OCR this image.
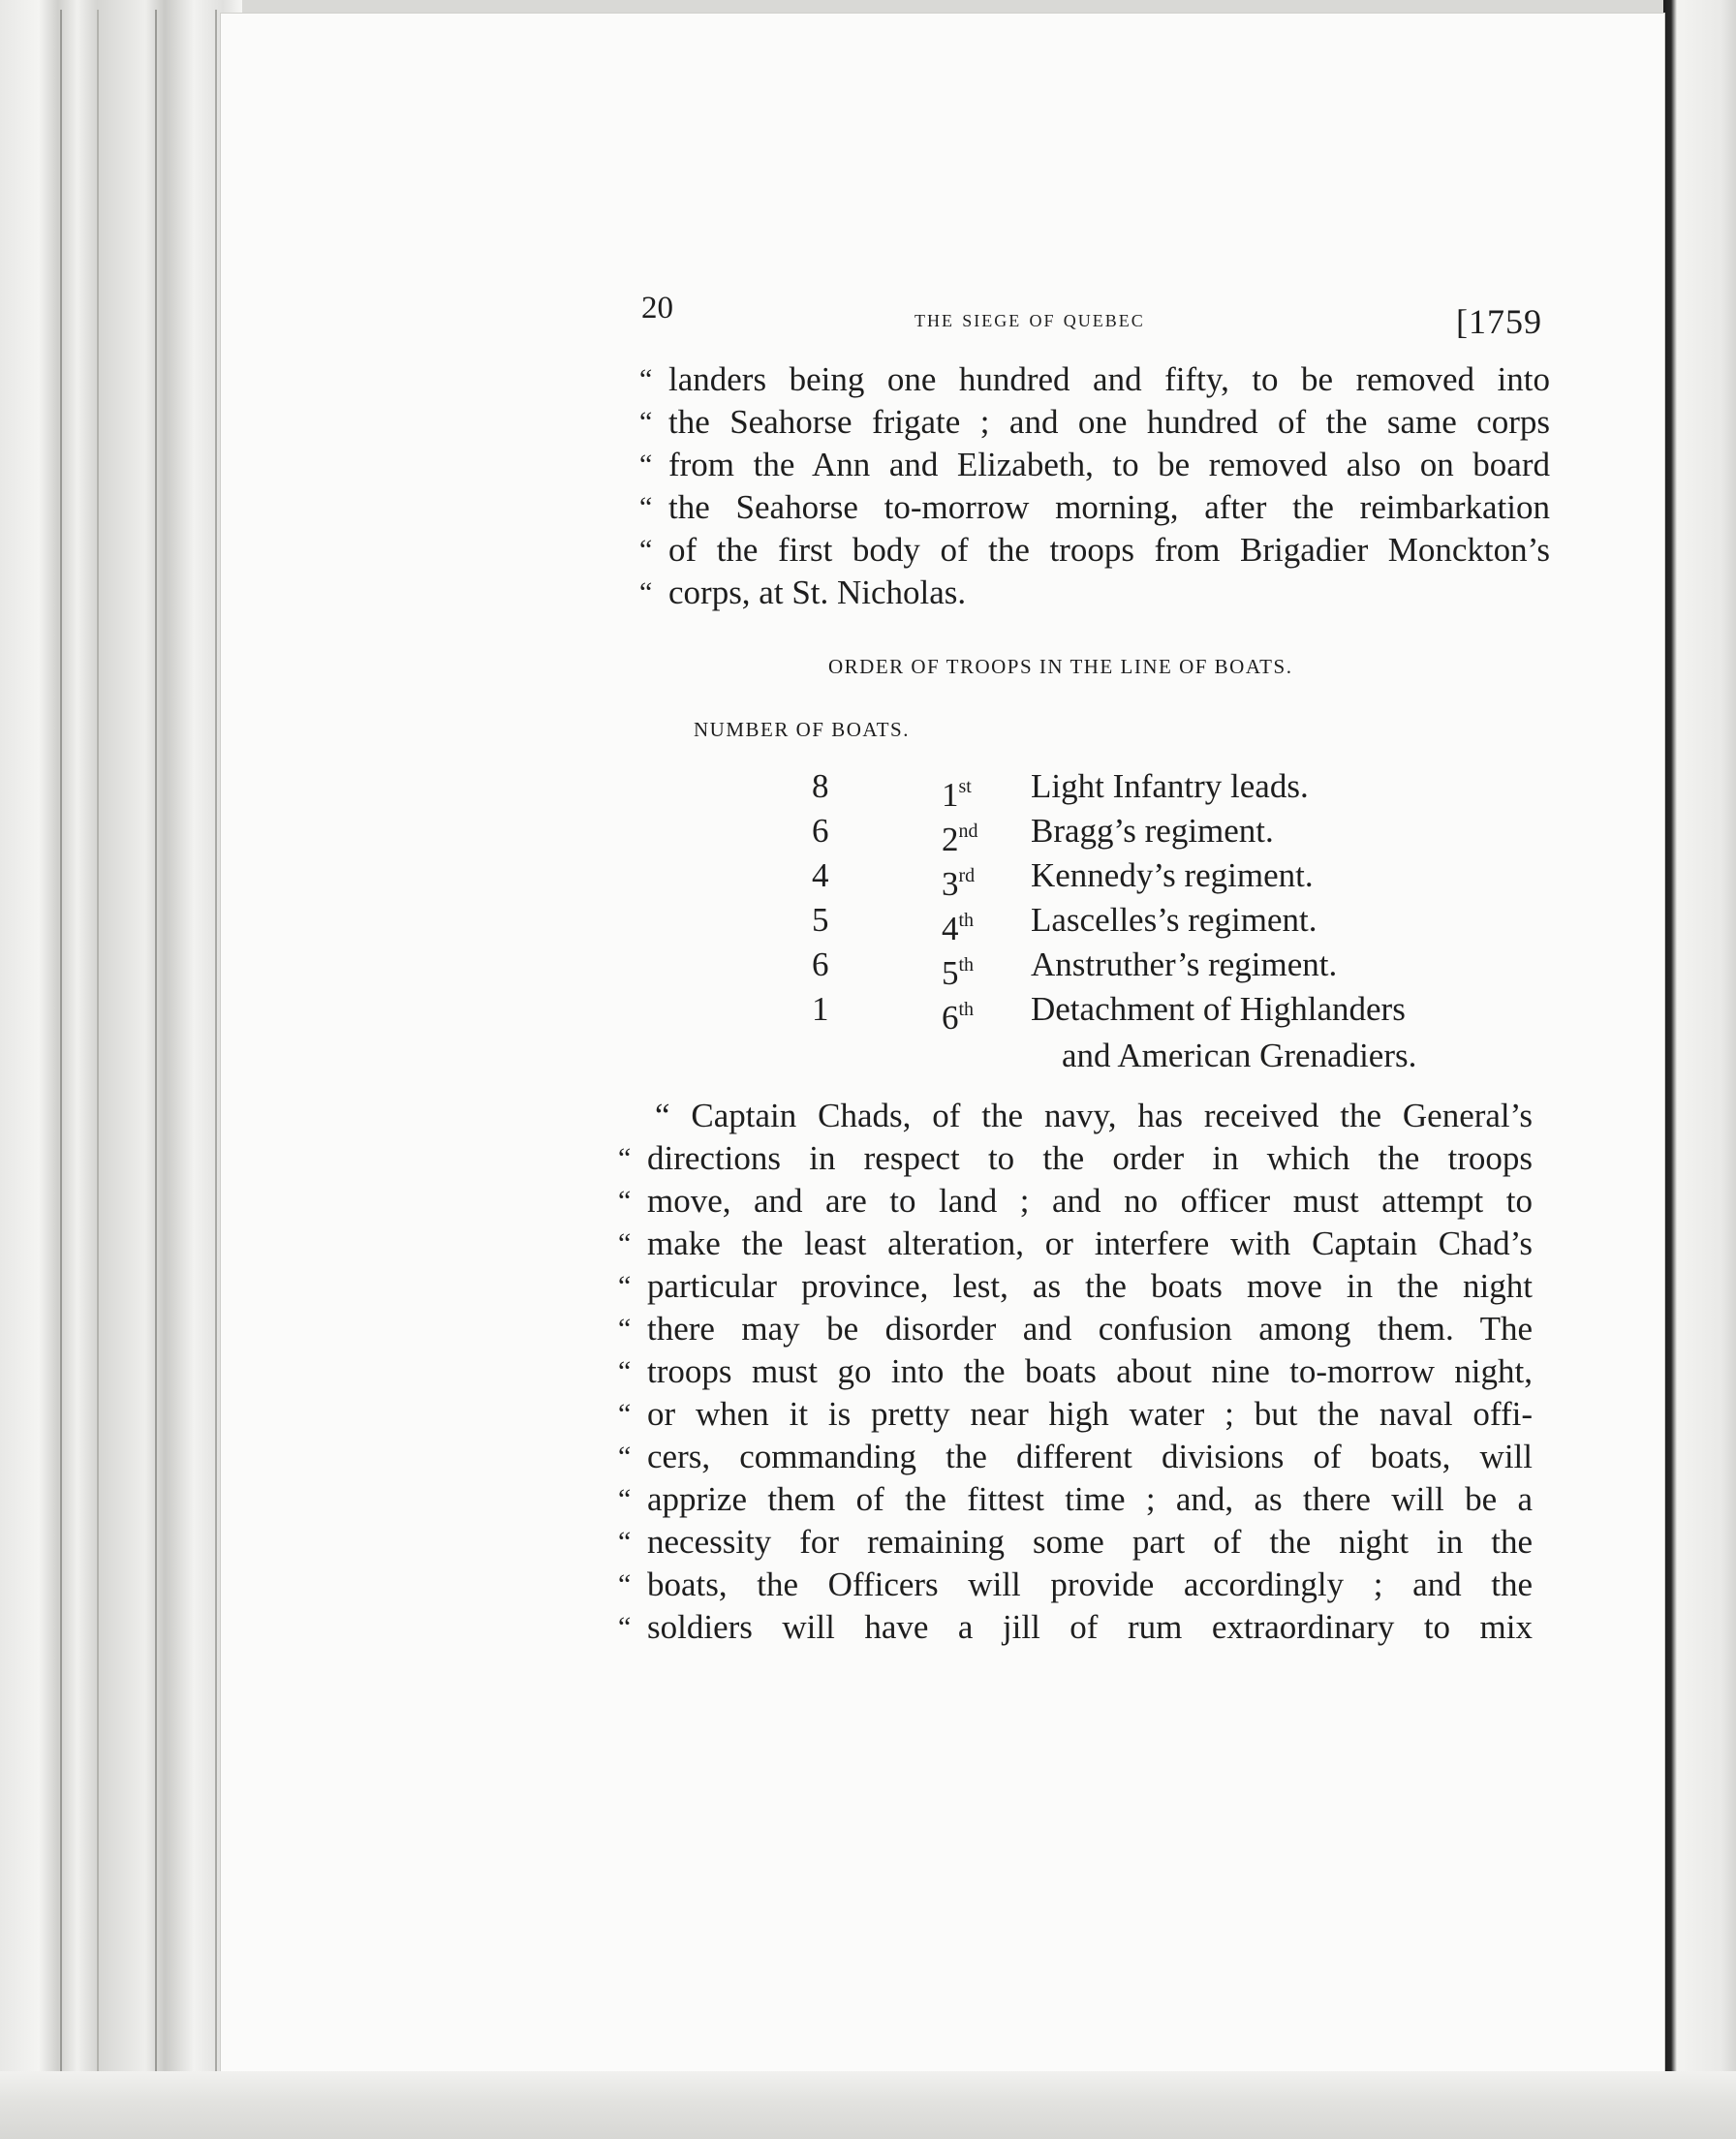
20	the siege of quebec	[1759
“ landers being one hundred and fifty, to be removed into
“ the Seahorse frigate ; and one hundred of the same corps
“ from the Ann and Elizabeth, to be removed also on board
“ the Seahorse to-morrow morning, after the reimbarkation
“ of the first body of the troops from Brigadier Monckton’s
“ corps, at St. Nicholas.
ORDER OF TROOPS IN THE LINE OF BOATS.
NUMBER OF BOATS.
8	1st Light Infantry leads.
6	2nd Bragg’s regiment.
4	3rd Kennedy’s regiment.
5	4th Lascelles’s regiment.
6	5th Anstruther’s regiment.
1	6th Detachment of Highlanders
and American Grenadiers.
“ Captain Chads, of the navy, has received the General’s
“ directions in respect to the order in which the troops
“ move, and are to land ; and no officer must attempt to
“ make the least alteration, or interfere with Captain Chad’s
“ particular province, lest, as the boats move in the night
“ there may be disorder and confusion among them. The
“ troops must go into the boats about nine to-morrow night,
“ or when it is pretty near high water ; but the naval offi-
“ cers, commanding the different divisions of boats, will
“ apprize them of the fittest time ; and, as there will be a
“ necessity for remaining some part of the night in the
“ boats, the Officers will provide accordingly ; and the
“ soldiers will have a jill of rum extraordinary to mix
